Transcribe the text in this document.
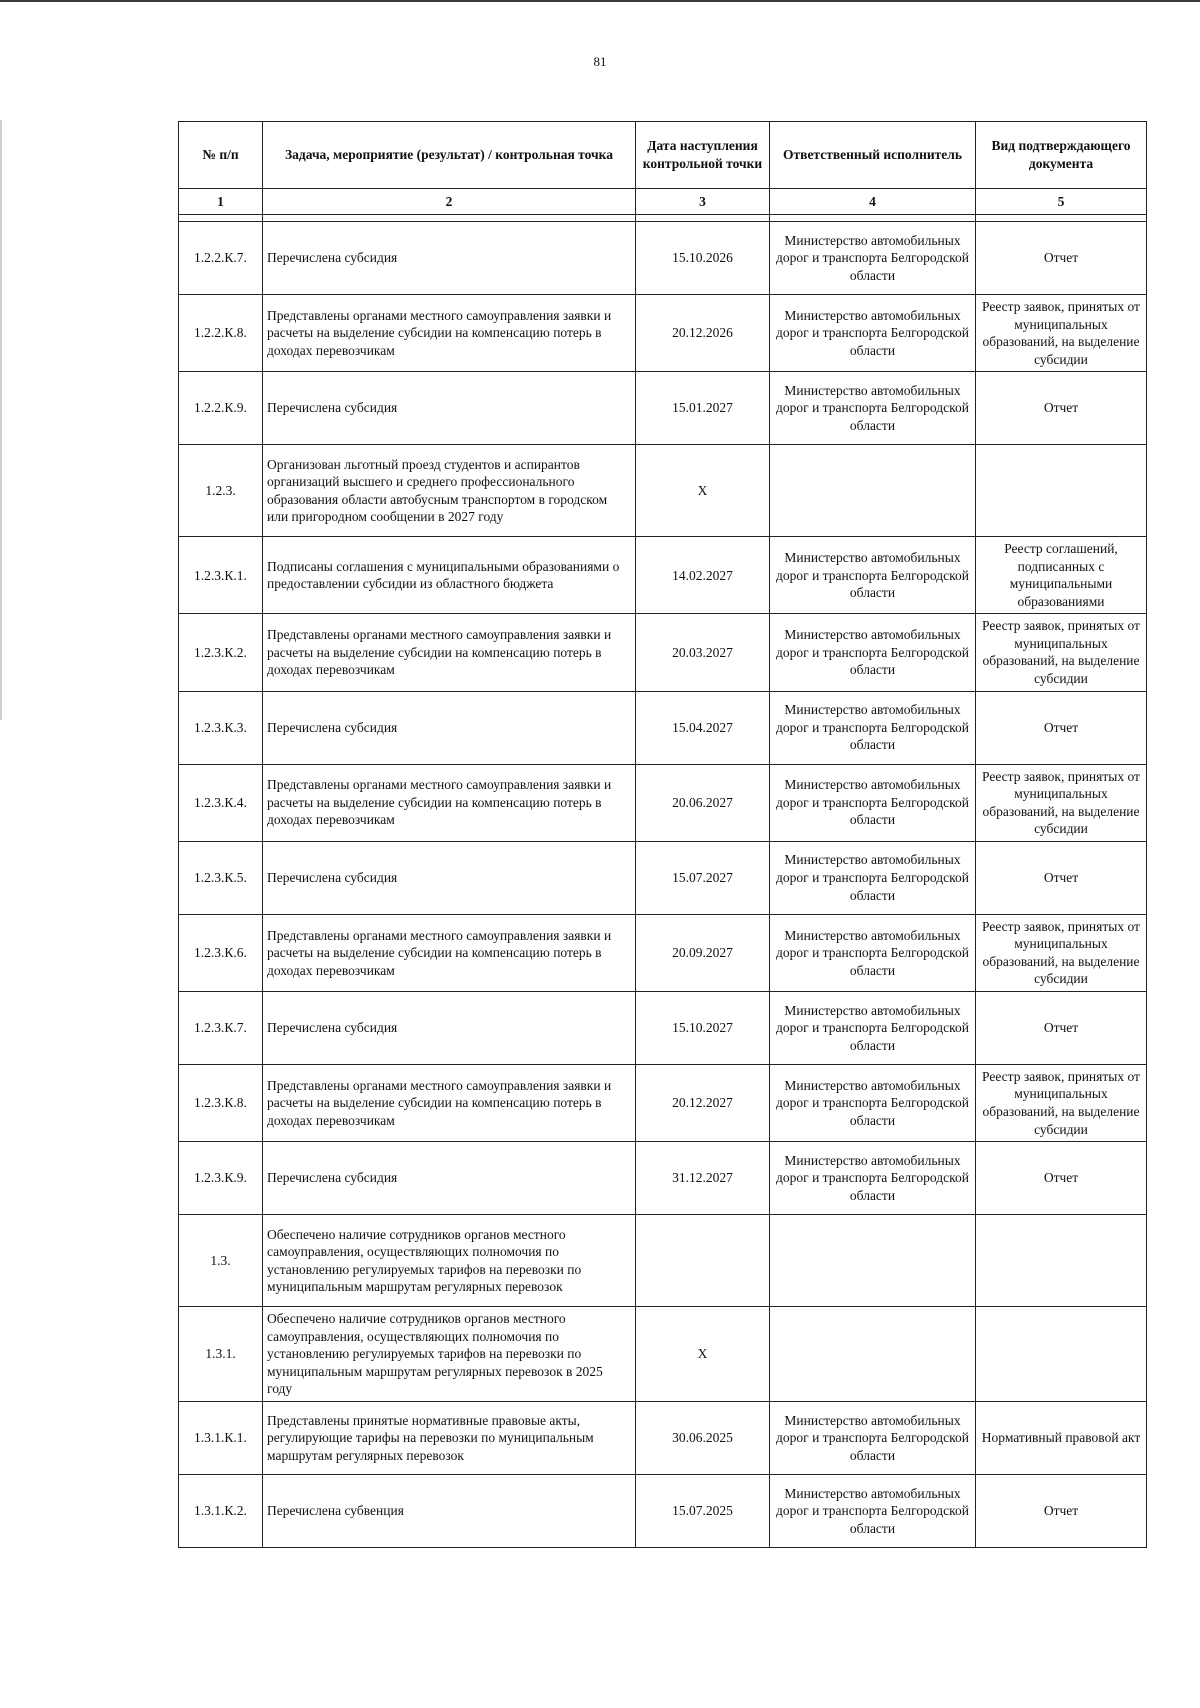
81
№ п/п	Задача, мероприятие (результат) / контрольная точка	Дата наступления контрольной точки	Ответственный исполнитель	Вид подтверждающего документа
1	2	3	4	5

1.2.2.К.7.	Перечислена субсидия	15.10.2026	Министерство автомобильных дорог и транспорта Белгородской области	Отчет
1.2.2.К.8.	Представлены органами местного самоуправления заявки и расчеты на выделение субсидии на компенсацию потерь в доходах перевозчикам	20.12.2026	Министерство автомобильных дорог и транспорта Белгородской области	Реестр заявок, принятых от муниципальных образований, на выделение субсидии
1.2.2.К.9.	Перечислена субсидия	15.01.2027	Министерство автомобильных дорог и транспорта Белгородской области	Отчет
1.2.3.	Организован льготный проезд студентов и аспирантов организаций высшего и среднего профессионального образования области автобусным транспортом в городском или пригородном сообщении в 2027 году	Х		
1.2.3.К.1.	Подписаны соглашения с муниципальными образованиями о предоставлении субсидии из областного бюджета	14.02.2027	Министерство автомобильных дорог и транспорта Белгородской области	Реестр соглашений, подписанных с муниципальными образованиями
1.2.3.К.2.	Представлены органами местного самоуправления заявки и расчеты на выделение субсидии на компенсацию потерь в доходах перевозчикам	20.03.2027	Министерство автомобильных дорог и транспорта Белгородской области	Реестр заявок, принятых от муниципальных образований, на выделение субсидии
1.2.3.К.3.	Перечислена субсидия	15.04.2027	Министерство автомобильных дорог и транспорта Белгородской области	Отчет
1.2.3.К.4.	Представлены органами местного самоуправления заявки и расчеты на выделение субсидии на компенсацию потерь в доходах перевозчикам	20.06.2027	Министерство автомобильных дорог и транспорта Белгородской области	Реестр заявок, принятых от муниципальных образований, на выделение субсидии
1.2.3.К.5.	Перечислена субсидия	15.07.2027	Министерство автомобильных дорог и транспорта Белгородской области	Отчет
1.2.3.К.6.	Представлены органами местного самоуправления заявки и расчеты на выделение субсидии на компенсацию потерь в доходах перевозчикам	20.09.2027	Министерство автомобильных дорог и транспорта Белгородской области	Реестр заявок, принятых от муниципальных образований, на выделение субсидии
1.2.3.К.7.	Перечислена субсидия	15.10.2027	Министерство автомобильных дорог и транспорта Белгородской области	Отчет
1.2.3.К.8.	Представлены органами местного самоуправления заявки и расчеты на выделение субсидии на компенсацию потерь в доходах перевозчикам	20.12.2027	Министерство автомобильных дорог и транспорта Белгородской области	Реестр заявок, принятых от муниципальных образований, на выделение субсидии
1.2.3.К.9.	Перечислена субсидия	31.12.2027	Министерство автомобильных дорог и транспорта Белгородской области	Отчет
1.3.	Обеспечено наличие сотрудников органов местного самоуправления, осуществляющих полномочия по установлению регулируемых тарифов на перевозки по муниципальным маршрутам регулярных перевозок			
1.3.1.	Обеспечено наличие сотрудников органов местного самоуправления, осуществляющих полномочия по установлению регулируемых тарифов на перевозки по муниципальным маршрутам регулярных перевозок в 2025 году	Х		
1.3.1.К.1.	Представлены принятые нормативные правовые акты, регулирующие тарифы на перевозки по муниципальным маршрутам регулярных перевозок	30.06.2025	Министерство автомобильных дорог и транспорта Белгородской области	Нормативный правовой акт
1.3.1.К.2.	Перечислена субвенция	15.07.2025	Министерство автомобильных дорог и транспорта Белгородской области	Отчет
